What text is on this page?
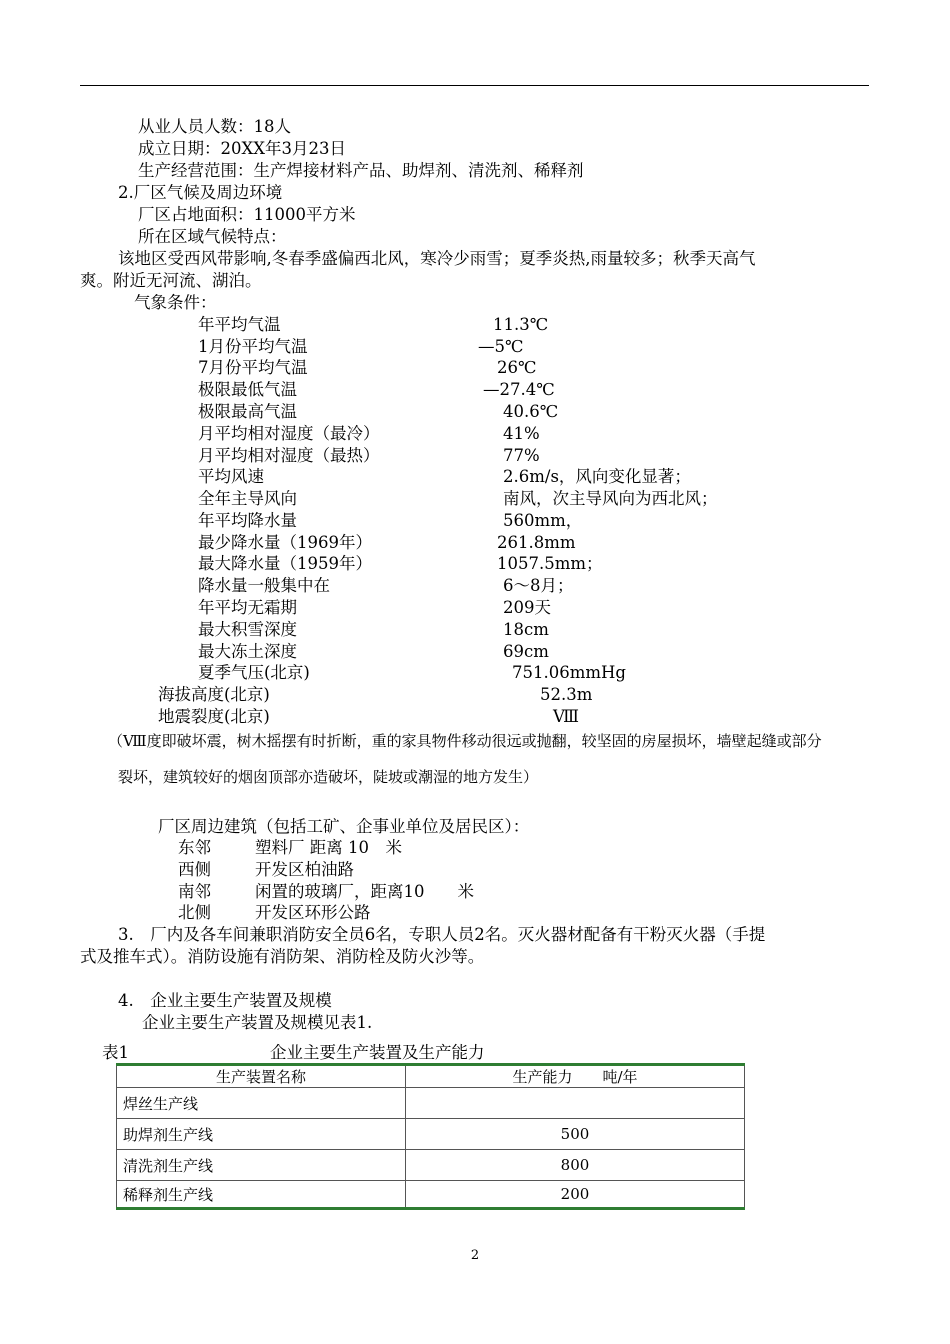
从业人员人数：18人
成立日期：20XX年3月23日
生产经营范围：生产焊接材料产品、助焊剂、清洗剂、稀释剂
2.厂区气候及周边环境
厂区占地面积：11000平方米
所在区域气候特点：
该地区受西风带影响,冬春季盛偏西北风，寒冷少雨雪；夏季炎热,雨量较多；秋季天高气
爽。附近无河流、湖泊。
气象条件：
年平均气温	11.3℃
1月份平均气温	—5℃
7月份平均气温	26℃
极限最低气温	—27.4℃
极限最高气温	40.6℃
月平均相对湿度（最冷）	41%
月平均相对湿度（最热）	77%
平均风速	2.6m/s，风向变化显著；
全年主导风向	南风，次主导风向为西北风；
年平均降水量	560mm，
最少降水量（1969年）	261.8mm
最大降水量（1959年）	1057.5mm；
降水量一般集中在	6～8月；
年平均无霜期	209天
最大积雪深度	18cm
最大冻土深度	69cm
夏季气压(北京)	751.06mmHg
海拔高度(北京)	52.3m
地震裂度(北京)	Ⅷ
（Ⅷ度即破坏震，树木摇摆有时折断，重的家具物件移动很远或抛翻，较坚固的房屋损坏，墙壁起缝或部分
裂坏，建筑较好的烟囱顶部亦造破坏，陡坡或潮湿的地方发生）
厂区周边建筑（包括工矿、企事业单位及居民区）：
东邻	塑料厂 距离 10　米
西侧	开发区柏油路
南邻	闲置的玻璃厂，距离10　　米
北侧	开发区环形公路
3.　厂内及各车间兼职消防安全员6名，专职人员2名。灭火器材配备有干粉灭火器（手提
式及推车式）。消防设施有消防架、消防栓及防火沙等。
4.　企业主要生产装置及规模
企业主要生产装置及规模见表1.
表1	企业主要生产装置及生产能力
生产装置名称	生产能力　　吨/年
焊丝生产线	
助焊剂生产线	500
清洗剂生产线	800
稀释剂生产线	200
2
